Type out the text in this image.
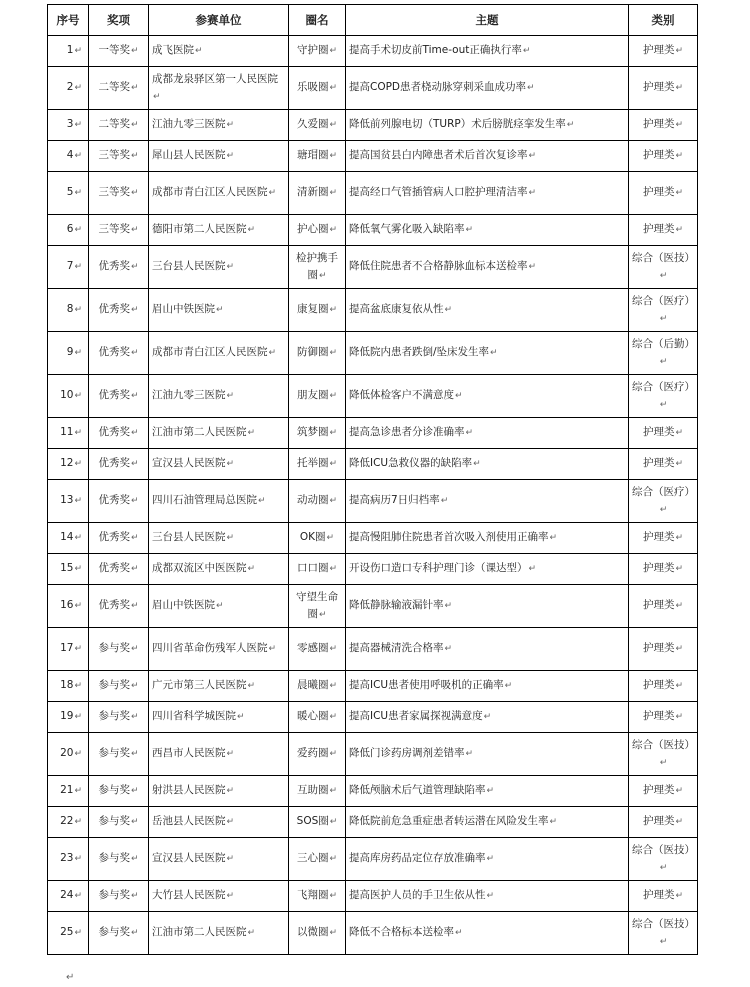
序号	奖项	参赛单位	圈名	主题	类别
1↵	一等奖↵	成飞医院↵	守护圈↵	提高手术切皮前Time-out正确执行率↵	护理类↵
2↵	二等奖↵	成都龙泉驿区第一人民医院↵	乐吸圈↵	提高COPD患者桡动脉穿刺采血成功率↵	护理类↵
3↵	二等奖↵	江油九零三医院↵	久爱圈↵	降低前列腺电切（TURP）术后膀胱痉挛发生率↵	护理类↵
4↵	三等奖↵	犀山县人民医院↵	瑭瑁圈↵	提高国贫县白内障患者术后首次复诊率↵	护理类↵
5↵	三等奖↵	成都市青白江区人民医院↵	清新圈↵	提高经口气管插管病人口腔护理清洁率↵	护理类↵
6↵	三等奖↵	德阳市第二人民医院↵	护心圈↵	降低氧气雾化吸入缺陷率↵	护理类↵
7↵	优秀奖↵	三台县人民医院↵	检护携手圈↵	降低住院患者不合格静脉血标本送检率↵	综合（医技）↵
8↵	优秀奖↵	眉山中铁医院↵	康复圈↵	提高盆底康复依从性↵	综合（医疗）↵
9↵	优秀奖↵	成都市青白江区人民医院↵	防御圈↵	降低院内患者跌倒/坠床发生率↵	综合（后勤）↵
10↵	优秀奖↵	江油九零三医院↵	朋友圈↵	降低体检客户不满意度↵	综合（医疗）↵
11↵	优秀奖↵	江油市第二人民医院↵	筑梦圈↵	提高急诊患者分诊准确率↵	护理类↵
12↵	优秀奖↵	宣汉县人民医院↵	托举圈↵	降低ICU急救仪器的缺陷率↵	护理类↵
13↵	优秀奖↵	四川石油管理局总医院↵	动动圈↵	提高病历7日归档率↵	综合（医疗）↵
14↵	优秀奖↵	三台县人民医院↵	OK圈↵	提高慢阻肺住院患者首次吸入剂使用正确率↵	护理类↵
15↵	优秀奖↵	成都双流区中医医院↵	口口圈↵	开设伤口造口专科护理门诊（课达型）↵	护理类↵
16↵	优秀奖↵	眉山中铁医院↵	守望生命圈↵	降低静脉输液漏针率↵	护理类↵
17↵	参与奖↵	四川省革命伤残军人医院↵	零感圈↵	提高器械清洗合格率↵	护理类↵
18↵	参与奖↵	广元市第三人民医院↵	晨曦圈↵	提高ICU患者使用呼吸机的正确率↵	护理类↵
19↵	参与奖↵	四川省科学城医院↵	暖心圈↵	提高ICU患者家属探视满意度↵	护理类↵
20↵	参与奖↵	西昌市人民医院↵	爱药圈↵	降低门诊药房调剂差错率↵	综合（医技）↵
21↵	参与奖↵	射洪县人民医院↵	互助圈↵	降低颅脑术后气道管理缺陷率↵	护理类↵
22↵	参与奖↵	岳池县人民医院↵	SOS圈↵	降低院前危急重症患者转运潜在风险发生率↵	护理类↵
23↵	参与奖↵	宣汉县人民医院↵	三心圈↵	提高库房药品定位存放准确率↵	综合（医技）↵
24↵	参与奖↵	大竹县人民医院↵	飞翔圈↵	提高医护人员的手卫生依从性↵	护理类↵
25↵	参与奖↵	江油市第二人民医院↵	以微圈↵	降低不合格标本送检率↵	综合（医技）↵
↵
